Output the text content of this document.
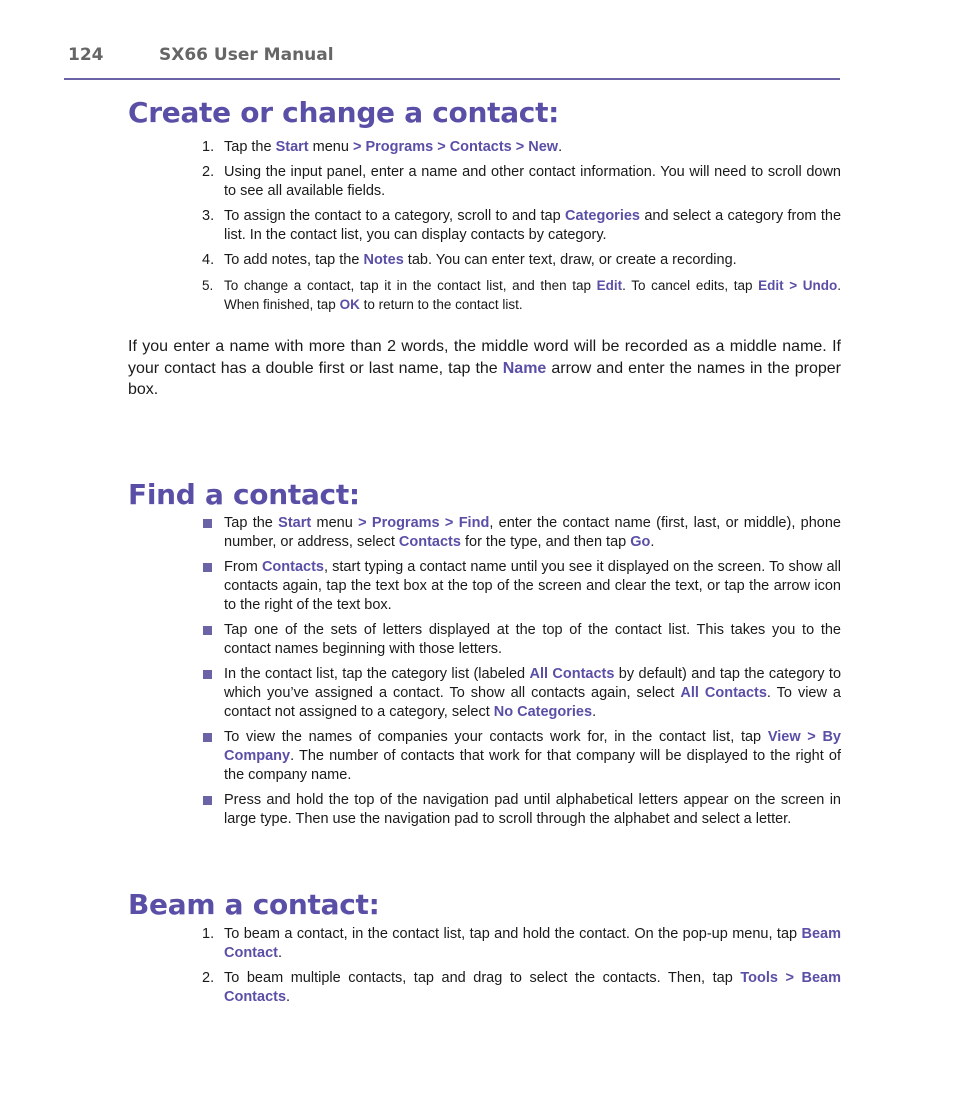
124	SX66 User Manual
Create or change a contact:
1. Tap the Start menu > Programs > Contacts > New.
2. Using the input panel, enter a name and other contact information. You will need to scroll down to see all available fields.
3. To assign the contact to a category, scroll to and tap Categories and select a category from the list. In the contact list, you can display contacts by category.
4. To add notes, tap the Notes tab. You can enter text, draw, or create a recording.
5. To change a contact, tap it in the contact list, and then tap Edit. To cancel edits, tap Edit > Undo. When finished, tap OK to return to the contact list.

If you enter a name with more than 2 words, the middle word will be recorded as a middle name. If your contact has a double first or last name, tap the Name arrow and enter the names in the proper box.

Find a contact:
Tap the Start menu > Programs > Find, enter the contact name (first, last, or middle), phone number, or address, select Contacts for the type, and then tap Go.
From Contacts, start typing a contact name until you see it displayed on the screen. To show all contacts again, tap the text box at the top of the screen and clear the text, or tap the arrow icon to the right of the text box.
Tap one of the sets of letters displayed at the top of the contact list. This takes you to the contact names beginning with those letters.
In the contact list, tap the category list (labeled All Contacts by default) and tap the category to which you’ve assigned a contact. To show all contacts again, select All Contacts. To view a contact not assigned to a category, select No Categories.
To view the names of companies your contacts work for, in the contact list, tap View > By Company. The number of contacts that work for that company will be displayed to the right of the company name.
Press and hold the top of the navigation pad until alphabetical letters appear on the screen in large type. Then use the navigation pad to scroll through the alphabet and select a letter.
Beam a contact:
1. To beam a contact, in the contact list, tap and hold the contact. On the pop-up menu, tap Beam Contact.
2. To beam multiple contacts, tap and drag to select the contacts. Then, tap Tools > Beam Contacts.
